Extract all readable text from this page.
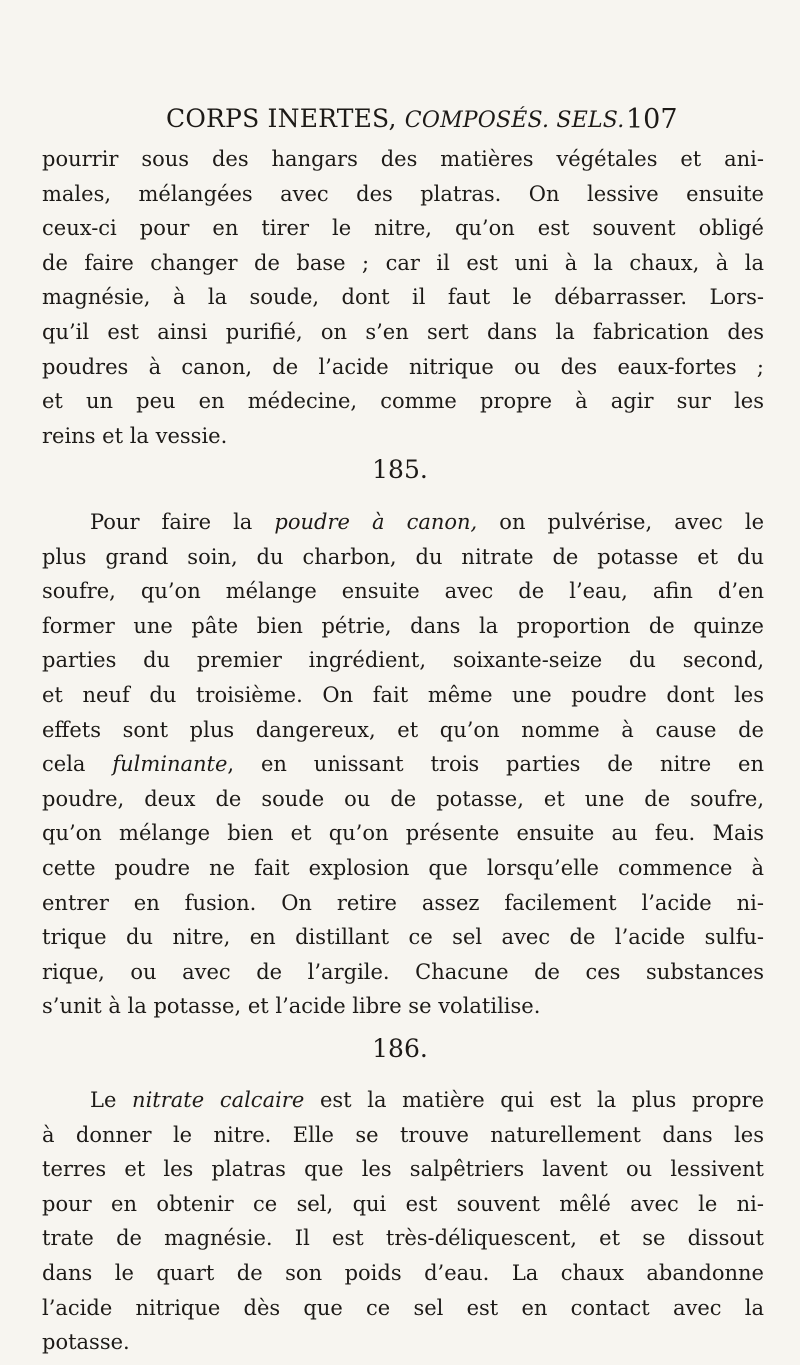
CORPS INERTES, COMPOSÉS. SELS. 107

pourrir sous des hangars des matières végétales et ani-
males, mélangées avec des platras. On lessive ensuite
ceux-ci pour en tirer le nitre, qu’on est souvent obligé
de faire changer de base ; car il est uni à la chaux, à la
magnésie, à la soude, dont il faut le débarrasser. Lors-
qu’il est ainsi purifié, on s’en sert dans la fabrication des
poudres à canon, de l’acide nitrique ou des eaux-fortes ;
et un peu en médecine, comme propre à agir sur les
reins et la vessie.

185.

Pour faire la poudre à canon, on pulvérise, avec le
plus grand soin, du charbon, du nitrate de potasse et du
soufre, qu’on mélange ensuite avec de l’eau, afin d’en
former une pâte bien pétrie, dans la proportion de quinze
parties du premier ingrédient, soixante-seize du second,
et neuf du troisième. On fait même une poudre dont les
effets sont plus dangereux, et qu’on nomme à cause de
cela fulminante, en unissant trois parties de nitre en
poudre, deux de soude ou de potasse, et une de soufre,
qu’on mélange bien et qu’on présente ensuite au feu. Mais
cette poudre ne fait explosion que lorsqu’elle commence à
entrer en fusion. On retire assez facilement l’acide ni-
trique du nitre, en distillant ce sel avec de l’acide sulfu-
rique, ou avec de l’argile. Chacune de ces substances
s’unit à la potasse, et l’acide libre se volatilise.

186.

Le nitrate calcaire est la matière qui est la plus propre
à donner le nitre. Elle se trouve naturellement dans les
terres et les platras que les salpêtriers lavent ou lessivent
pour en obtenir ce sel, qui est souvent mêlé avec le ni-
trate de magnésie. Il est très-déliquescent, et se dissout
dans le quart de son poids d’eau. La chaux abandonne
l’acide nitrique dès que ce sel est en contact avec la
potasse.
